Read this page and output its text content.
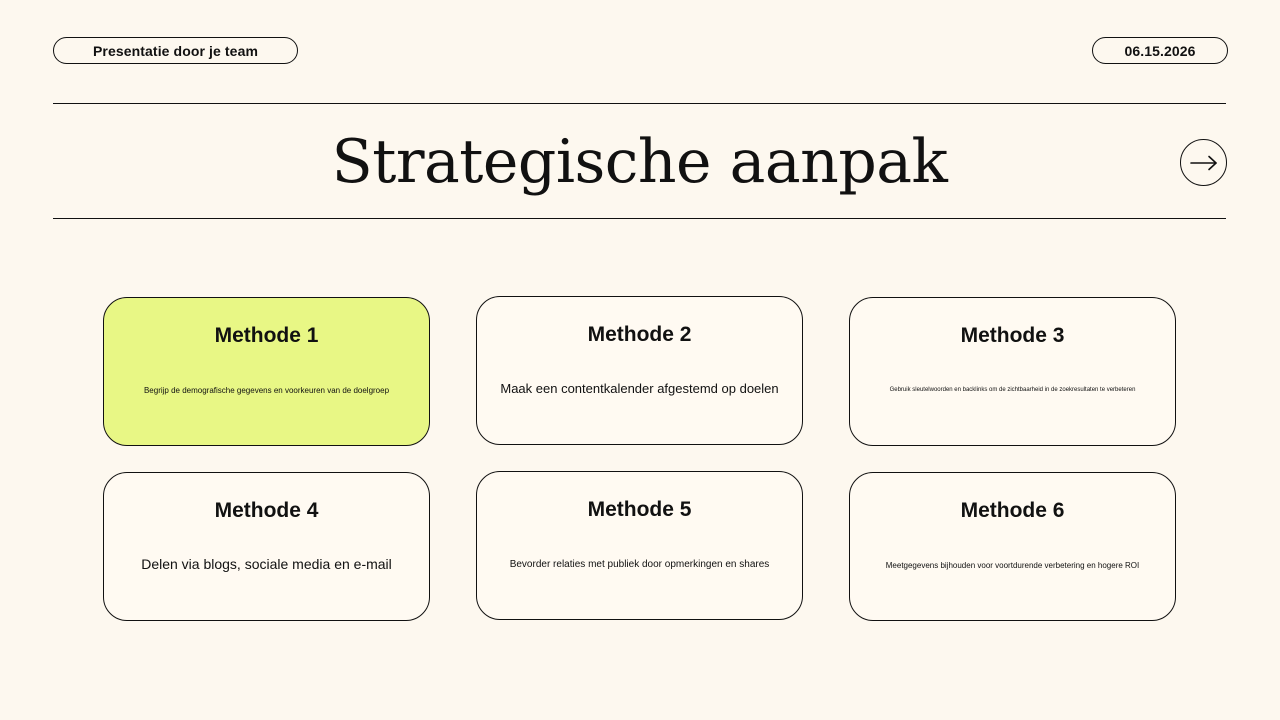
Presentatie door je team	06.15.2026
Strategische aanpak
Methode 1
Begrijp de demografische gegevens en voorkeuren van de doelgroep
Methode 2
Maak een contentkalender afgestemd op doelen
Methode 3
Gebruik sleutelwoorden en backlinks om de zichtbaarheid in de zoekresultaten te verbeteren
Methode 4
Delen via blogs, sociale media en e-mail
Methode 5
Bevorder relaties met publiek door opmerkingen en shares
Methode 6
Meetgegevens bijhouden voor voortdurende verbetering en hogere ROI
